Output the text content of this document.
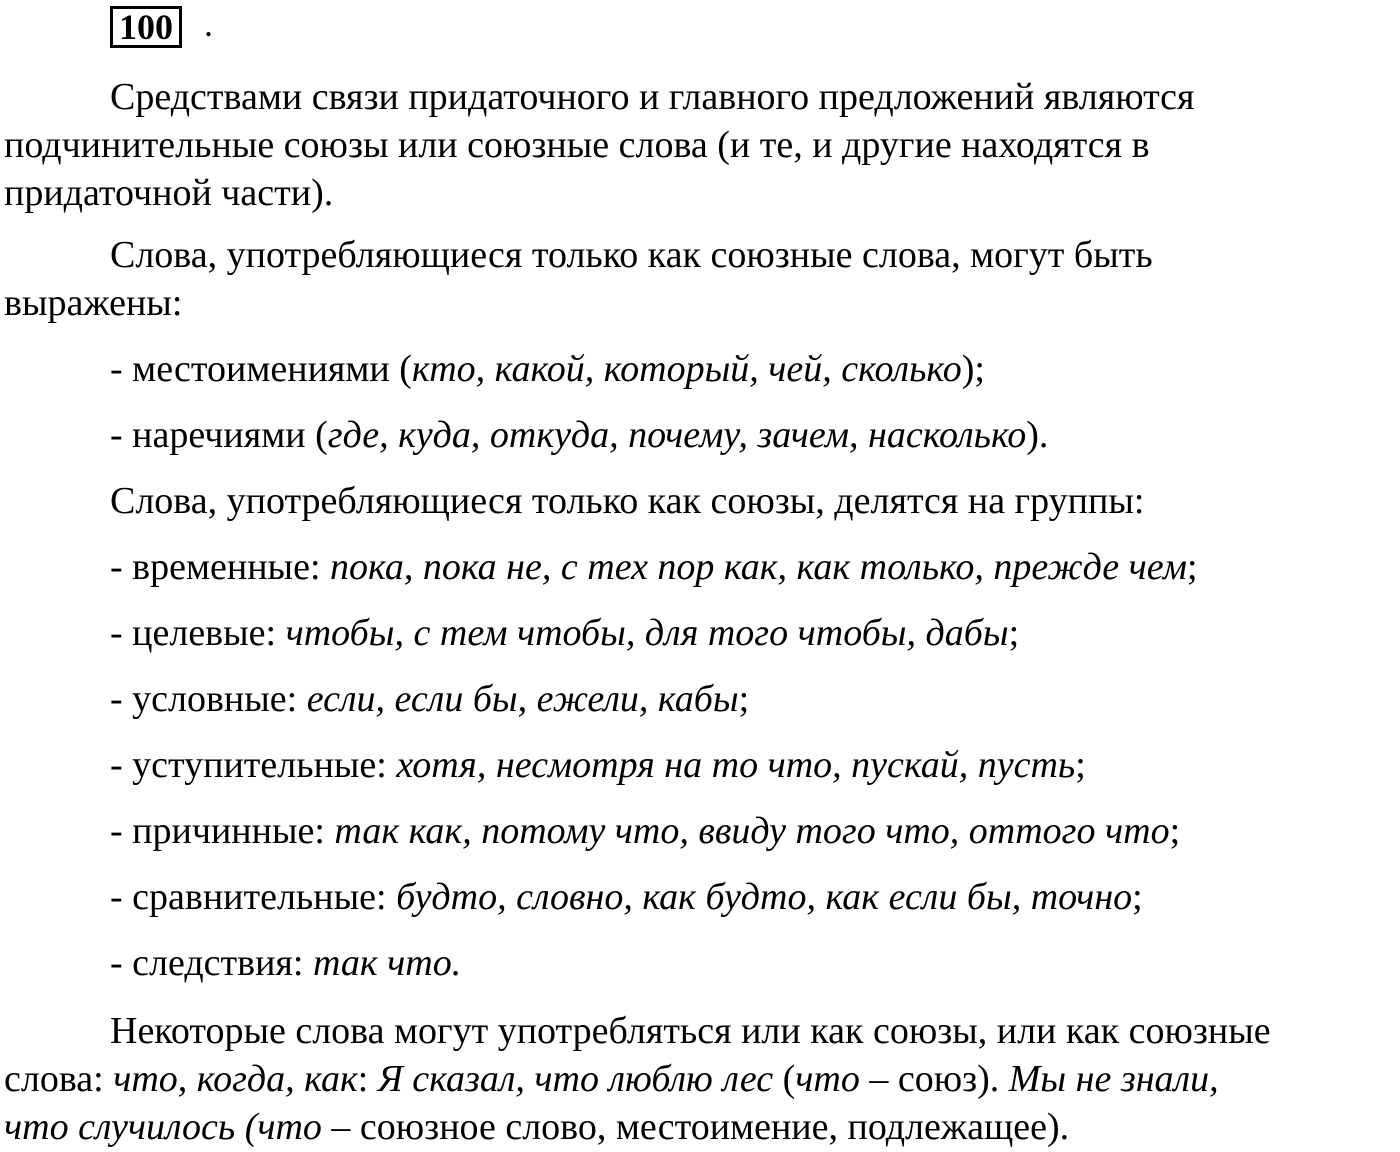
100 .
Средствами связи придаточного и главного предложений являются
подчинительные союзы или союзные слова (и те, и другие находятся в
придаточной части).
Слова, употребляющиеся только как союзные слова, могут быть
выражены:
- местоимениями (кто, какой, который, чей, сколько);
- наречиями (где, куда, откуда, почему, зачем, насколько).
Слова, употребляющиеся только как союзы, делятся на группы:
- временные: пока, пока не, с тех пор как, как только, прежде чем;
- целевые: чтобы, с тем чтобы, для того чтобы, дабы;
- условные: если, если бы, ежели, кабы;
- уступительные: хотя, несмотря на то что, пускай, пусть;
- причинные: так как, потому что, ввиду того что, оттого что;
- сравнительные: будто, словно, как будто, как если бы, точно;
- следствия: так что.
Некоторые слова могут употребляться или как союзы, или как союзные
слова: что, когда, как: Я сказал, что люблю лес (что – союз). Мы не знали,
что случилось (что – союзное слово, местоимение, подлежащее).
